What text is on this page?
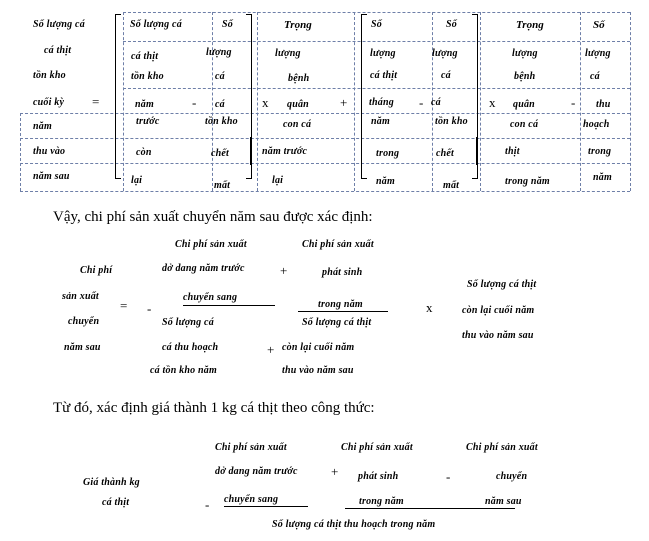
Số lượng cá
cá thịt
tồn kho
cuối kỳ
năm
thu vào
năm sau
=
Số lượng cá
cá thịt
tồn kho
năm
trước
còn
lại
-
Số
lượng
cá
cá
tồn kho
chết
mất
x
Trọng
lượng
bệnh
quân
con cá
năm trước
lại
+
Số
lượng
cá thịt
tháng
năm
trong
năm
-
Số
lượng
cá
cá
tồn kho
chết
mất
x
Trọng
lượng
bệnh
quân
con cá
thịt
trong năm
-
Số
lượng
cá
thu
hoạch
trong
năm
Vậy, chi phí sản xuất chuyển năm sau được xác định:
Chi phí
sản xuất
chuyển
năm sau
= -
Chi phí sản xuất	Chi phí sản xuất
dở dang năm trước	+	phát sinh
chuyển sang
trong năm
Số lượng cá	Số lượng cá thịt
cá thu hoạch	+ còn lại cuối năm
cá tồn kho năm	thu vào năm sau
x
Số lượng cá thịt
còn lại cuối năm
thu vào năm sau
Từ đó, xác định giá thành 1 kg cá thịt theo công thức:
Giá thành kg
cá thịt
Chi phí sản xuất	Chi phí sản xuất	Chi phí sản xuất
dở dang năm trước	+ phát sinh	-	chuyển
- chuyển sang	trong năm	năm sau
Số lượng cá thịt thu hoạch trong năm
